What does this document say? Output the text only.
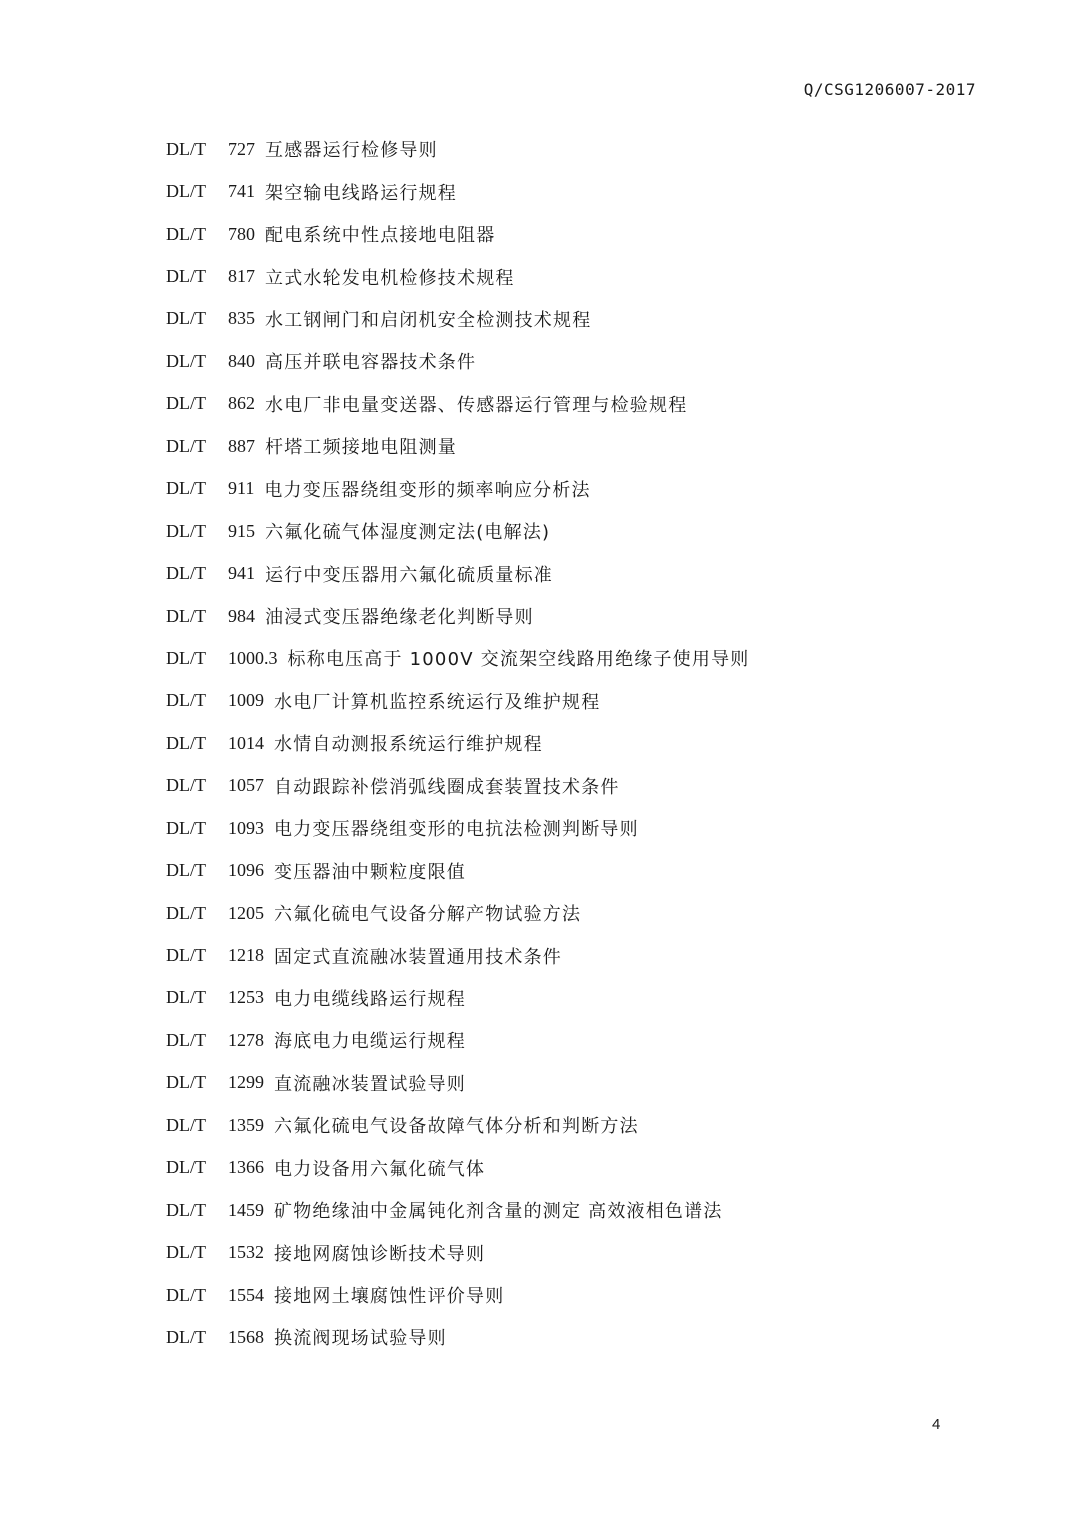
Q/CSG1206007-2017
DL/T	727 互感器运行检修导则
DL/T	741 架空输电线路运行规程
DL/T	780 配电系统中性点接地电阻器
DL/T	817 立式水轮发电机检修技术规程
DL/T	835 水工钢闸门和启闭机安全检测技术规程
DL/T	840 高压并联电容器技术条件
DL/T	862 水电厂非电量变送器、传感器运行管理与检验规程
DL/T	887 杆塔工频接地电阻测量
DL/T	911 电力变压器绕组变形的频率响应分析法
DL/T	915 六氟化硫气体湿度测定法(电解法)
DL/T	941 运行中变压器用六氟化硫质量标准
DL/T	984 油浸式变压器绝缘老化判断导则
DL/T	1000.3 标称电压高于 1000V 交流架空线路用绝缘子使用导则
DL/T	1009 水电厂计算机监控系统运行及维护规程
DL/T	1014 水情自动测报系统运行维护规程
DL/T	1057 自动跟踪补偿消弧线圈成套装置技术条件
DL/T	1093 电力变压器绕组变形的电抗法检测判断导则
DL/T	1096 变压器油中颗粒度限值
DL/T	1205 六氟化硫电气设备分解产物试验方法
DL/T	1218 固定式直流融冰装置通用技术条件
DL/T	1253 电力电缆线路运行规程
DL/T	1278 海底电力电缆运行规程
DL/T	1299 直流融冰装置试验导则
DL/T	1359 六氟化硫电气设备故障气体分析和判断方法
DL/T	1366 电力设备用六氟化硫气体
DL/T	1459 矿物绝缘油中金属钝化剂含量的测定 高效液相色谱法
DL/T	1532 接地网腐蚀诊断技术导则
DL/T	1554 接地网土壤腐蚀性评价导则
DL/T	1568 换流阀现场试验导则
4
